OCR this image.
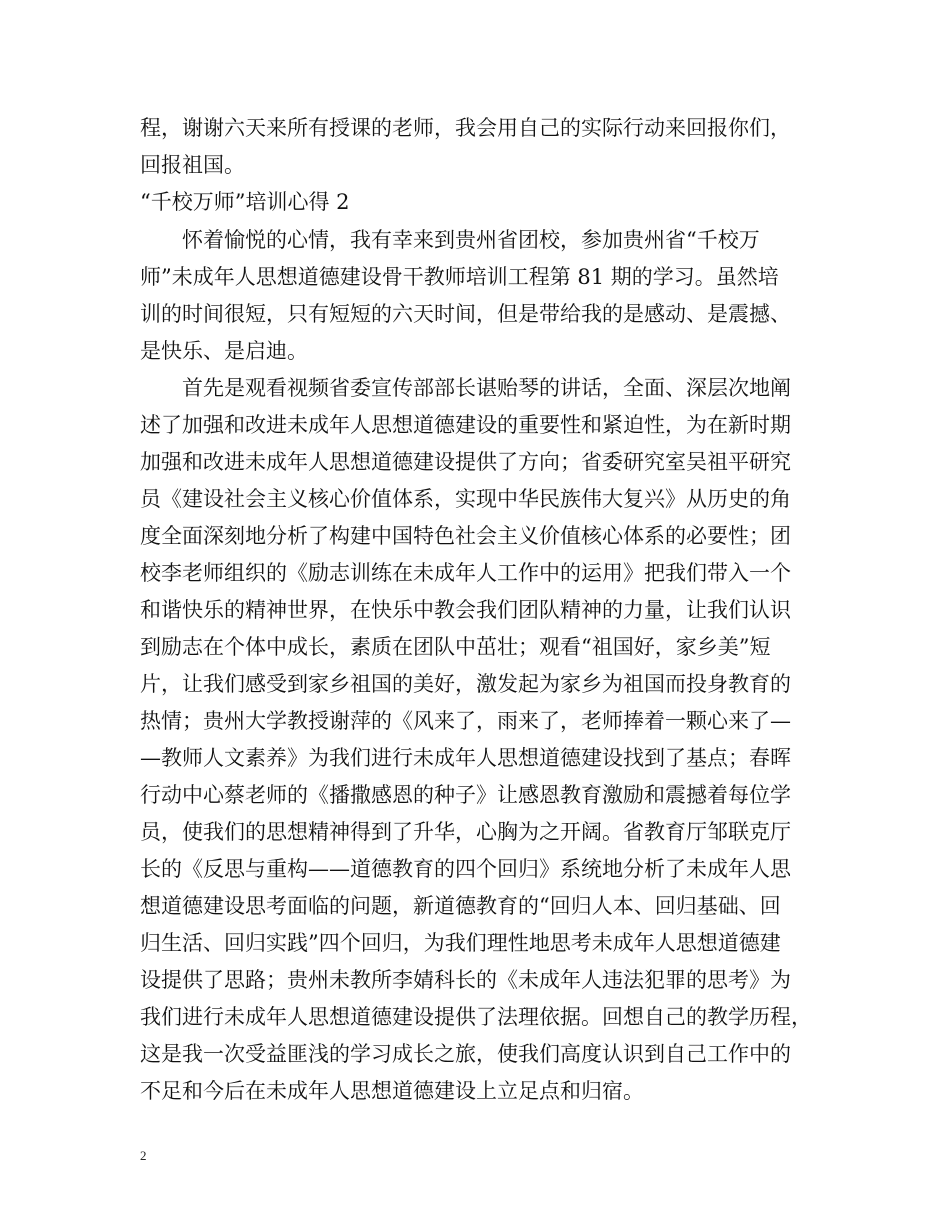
程，谢谢六天来所有授课的老师，我会用自己的实际行动来回报你们，
回报祖国。
“千校万师”培训心得 2
怀着愉悦的心情，我有幸来到贵州省团校，参加贵州省“千校万
师”未成年人思想道德建设骨干教师培训工程第 81 期的学习。虽然培
训的时间很短，只有短短的六天时间，但是带给我的是感动、是震撼、
是快乐、是启迪。
首先是观看视频省委宣传部部长谌贻琴的讲话，全面、深层次地阐
述了加强和改进未成年人思想道德建设的重要性和紧迫性，为在新时期
加强和改进未成年人思想道德建设提供了方向；省委研究室吴祖平研究
员《建设社会主义核心价值体系，实现中华民族伟大复兴》从历史的角
度全面深刻地分析了构建中国特色社会主义价值核心体系的必要性；团
校李老师组织的《励志训练在未成年人工作中的运用》把我们带入一个
和谐快乐的精神世界，在快乐中教会我们团队精神的力量，让我们认识
到励志在个体中成长，素质在团队中茁壮；观看“祖国好，家乡美”短
片，让我们感受到家乡祖国的美好，激发起为家乡为祖国而投身教育的
热情；贵州大学教授谢萍的《风来了，雨来了，老师捧着一颗心来了—
—教师人文素养》为我们进行未成年人思想道德建设找到了基点；春晖
行动中心蔡老师的《播撒感恩的种子》让感恩教育激励和震撼着每位学
员，使我们的思想精神得到了升华，心胸为之开阔。省教育厅邹联克厅
长的《反思与重构——道德教育的四个回归》系统地分析了未成年人思
想道德建设思考面临的问题，新道德教育的“回归人本、回归基础、回
归生活、回归实践”四个回归，为我们理性地思考未成年人思想道德建
设提供了思路；贵州未教所李婧科长的《未成年人违法犯罪的思考》为
我们进行未成年人思想道德建设提供了法理依据。回想自己的教学历程，
这是我一次受益匪浅的学习成长之旅，使我们高度认识到自己工作中的
不足和今后在未成年人思想道德建设上立足点和归宿。
2
